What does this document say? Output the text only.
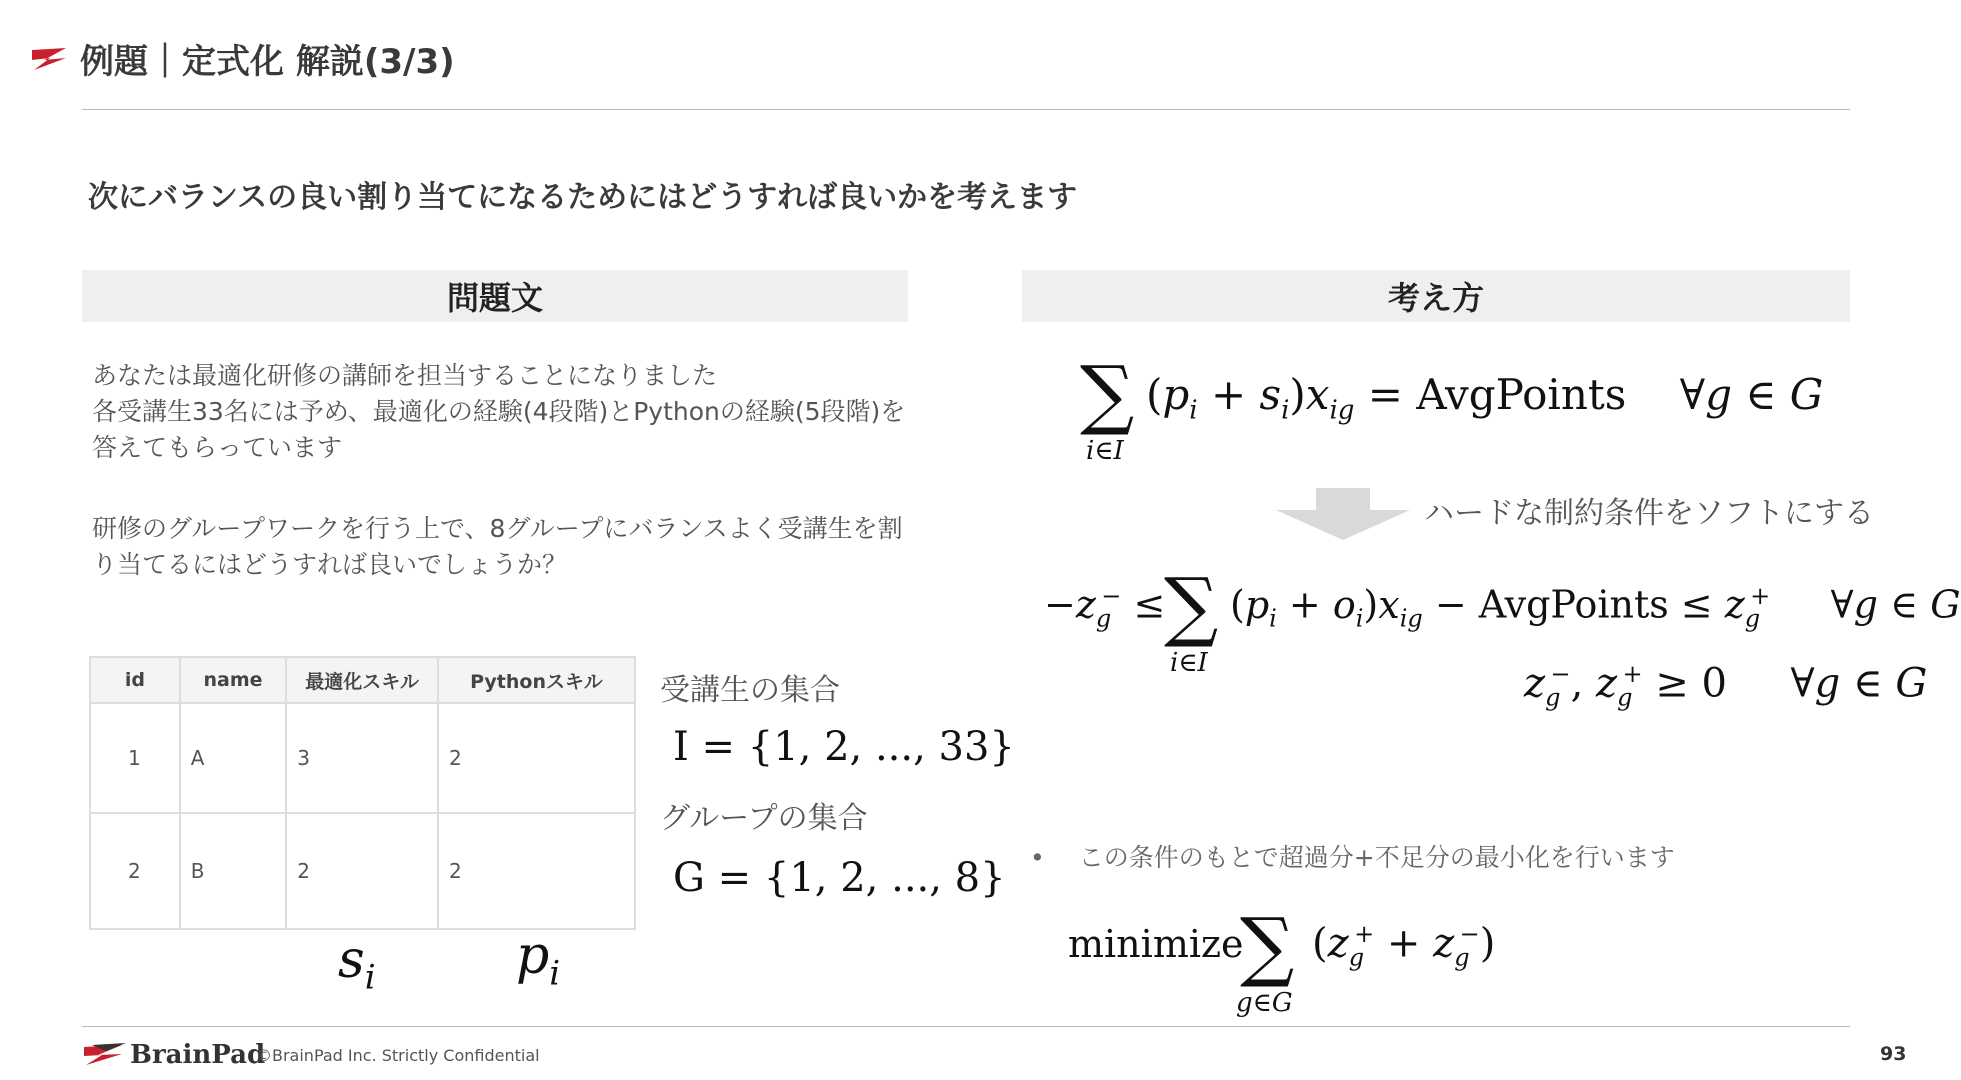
例題｜定式化 解説(3/3)
次にバランスの良い割り当てになるためにはどうすれば良いかを考えます
問題文	考え方
あなたは最適化研修の講師を担当することになりました
各受講生33名には予め、最適化の経験(4段階)とPythonの経験(5段階)を答えてもらっています
研修のグループワークを行う上で、8グループにバランスよく受講生を割り当てるにはどうすれば良いでしょうか？
id	name	最適化スキル	Pythonスキル
1	A	3	2
2	B	2	2
$s_i$	$p_i$
受講生の集合
I = {1, 2, ..., 33}
グループの集合
G = {1, 2, ..., 8}
∑
i∈I
$(p_i + s_i)x_{ig}$ = AvgPoints    ∀g ∈ G
ハードな制約条件をソフトにする
$-z_g^-$ ≤
∑
i∈I
$(p_i + o_i)x_{ig}$ − AvgPoints ≤ $z_g^+$     ∀g ∈ G
$z_g^-$, $z_g^+ \ge 0$     ∀g ∈ G
• この条件のもとで超過分+不足分の最小化を行います
minimize
∑
g∈G
$(z_g^+ + z_g^-)$
BrainPad
©BrainPad Inc. Strictly Confidential	93
